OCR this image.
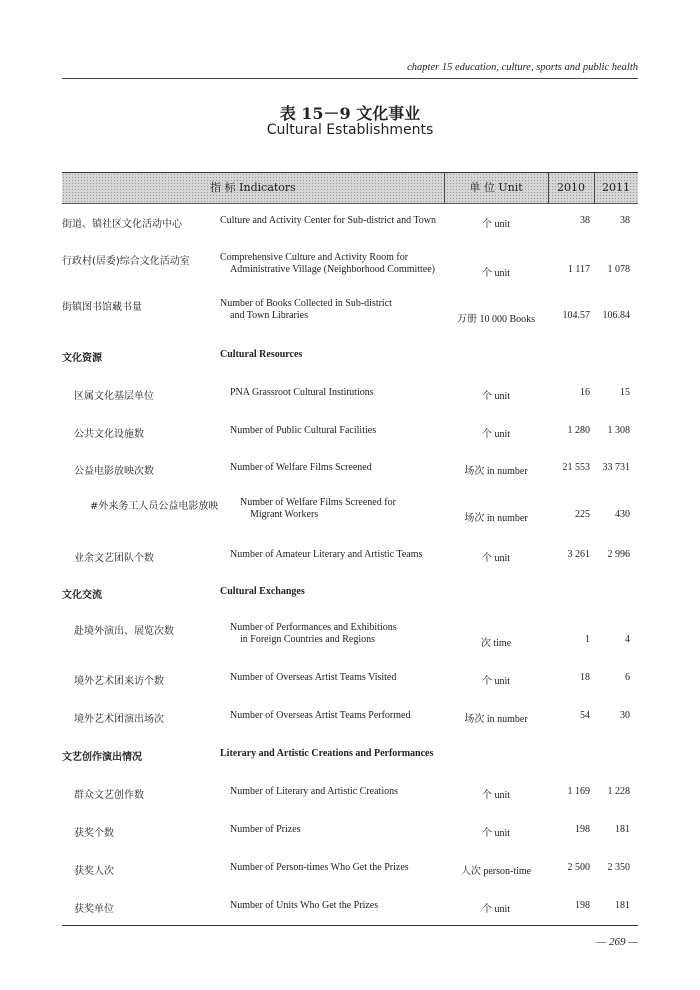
chapter 15 education, culture, sports and public health
表 15－9 文化事业
Cultural Establishments
指 标 Indicators	单 位 Unit	2010	2011
街道、镇社区文化活动中心	Culture and Activity Center for Sub-district and Town	个 unit	38	38
行政村(居委)综合文化活动室	Comprehensive Culture and Activity Room for
Administrative Village (Neighborhood Committee)	个 unit	1 117	1 078
街镇图书馆藏书量	Number of Books Collected in Sub-district
and Town Libraries	万册 10 000 Books	104.57	106.84
文化资源	Cultural Resources
区属文化基层单位	PNA Grassroot Cultural Institutions	个 unit	16	15
公共文化设施数	Number of Public Cultural Facilities	个 unit	1 280	1 308
公益电影放映次数	Number of Welfare Films Screened	场次 in number	21 553	33 731
#外来务工人员公益电影放映 Number of Welfare Films Screened for
Migrant Workers	场次 in number	225	430
业余文艺团队个数	Number of Amateur Literary and Artistic Teams	个 unit	3 261	2 996
文化交流	Cultural Exchanges
赴境外演出、展览次数	Number of Performances and Exhibitions
in Foreign Countries and Regions	次 time	1	4
境外艺术团来访个数	Number of Overseas Artist Teams Visited	个 unit	18	6
境外艺术团演出场次	Number of Overseas Artist Teams Performed	场次 in number	54	30
文艺创作演出情况	Literary and Artistic Creations and Performances
群众文艺创作数	Number of Literary and Artistic Creations	个 unit	1 169	1 228
获奖个数	Number of Prizes	个 unit	198	181
获奖人次	Number of Person-times Who Get the Prizes	人次 person-time	2 500	2 350
获奖单位	Number of Units Who Get the Prizes	个 unit	198	181
— 269 —
